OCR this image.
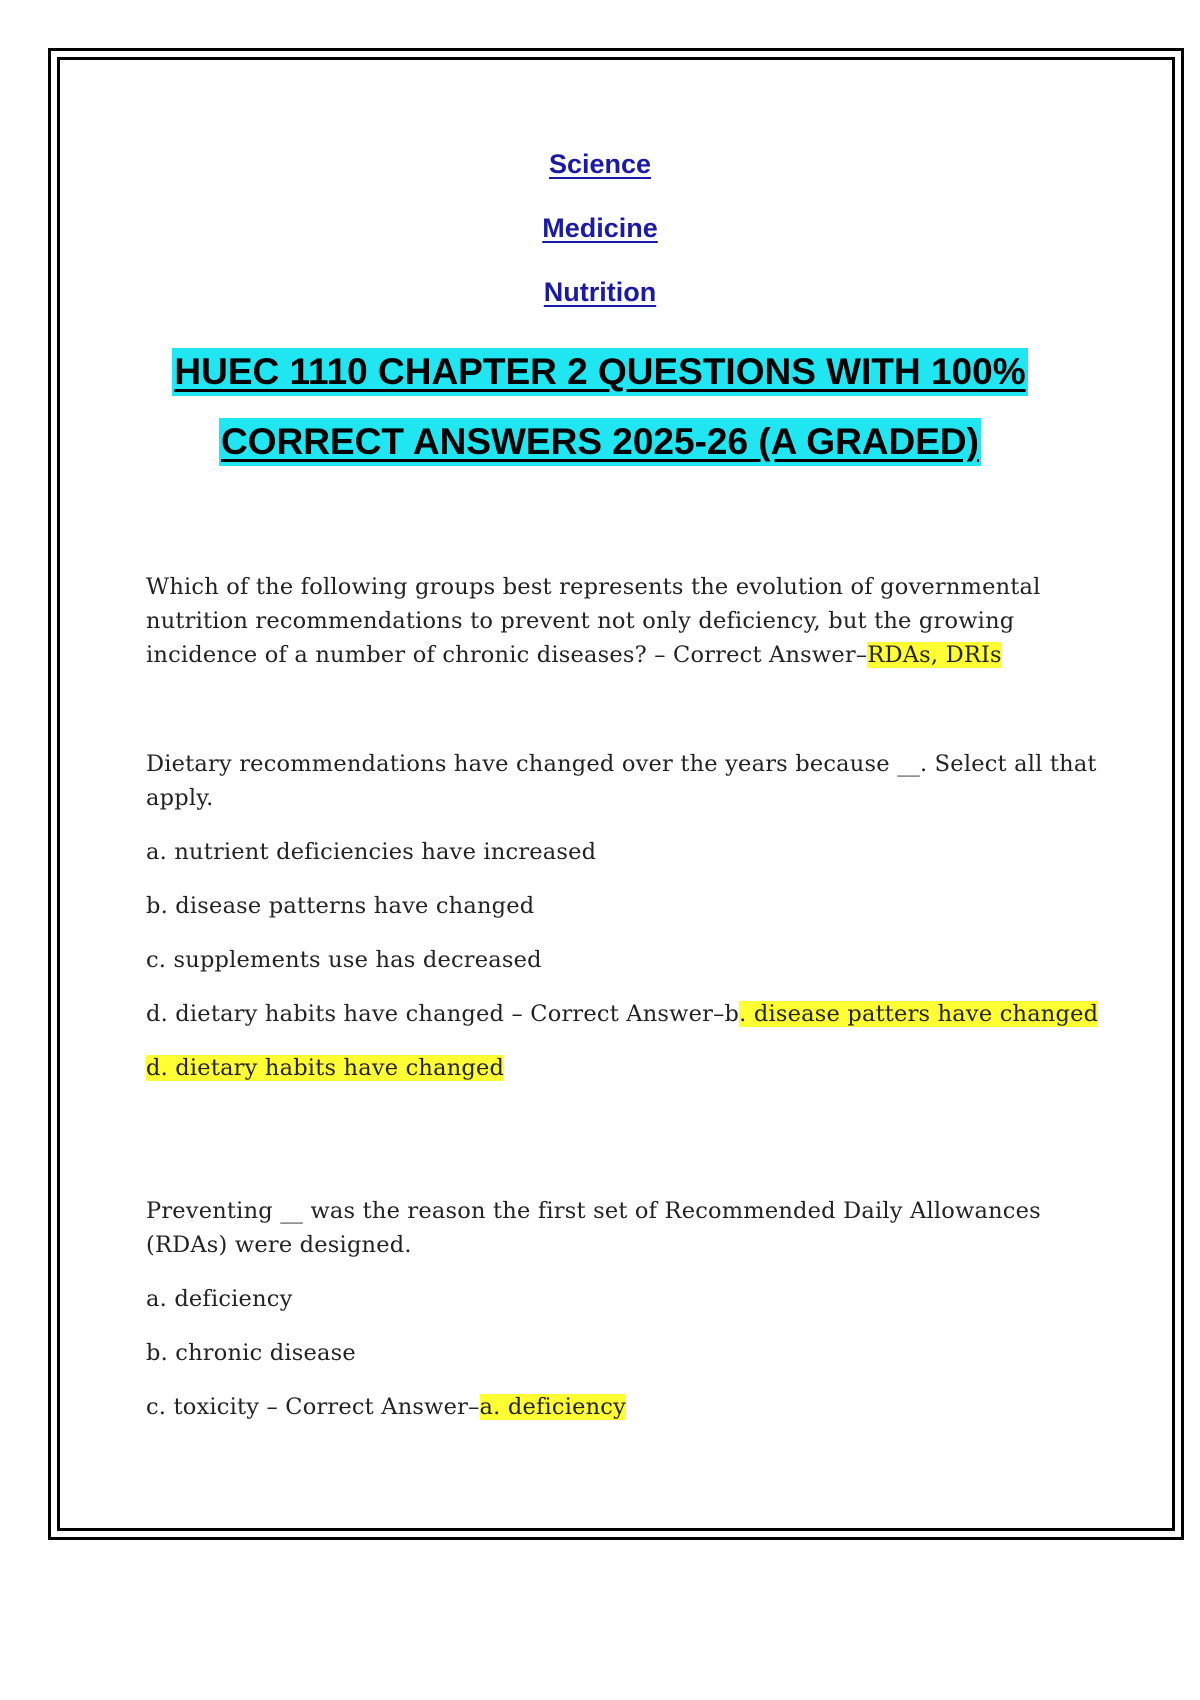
Science
Medicine
Nutrition
HUEC 1110 CHAPTER 2 QUESTIONS WITH 100%
CORRECT ANSWERS 2025-26 (A GRADED)

Which of the following groups best represents the evolution of governmental nutrition recommendations to prevent not only deficiency, but the growing incidence of a number of chronic diseases? – Correct Answer–RDAs, DRIs

Dietary recommendations have changed over the years because __. Select all that apply.

a. nutrient deficiencies have increased

b. disease patterns have changed

c. supplements use has decreased

d. dietary habits have changed – Correct Answer–b. disease patters have changed

d. dietary habits have changed

Preventing __ was the reason the first set of Recommended Daily Allowances (RDAs) were designed.

a. deficiency

b. chronic disease

c. toxicity – Correct Answer–a. deficiency
